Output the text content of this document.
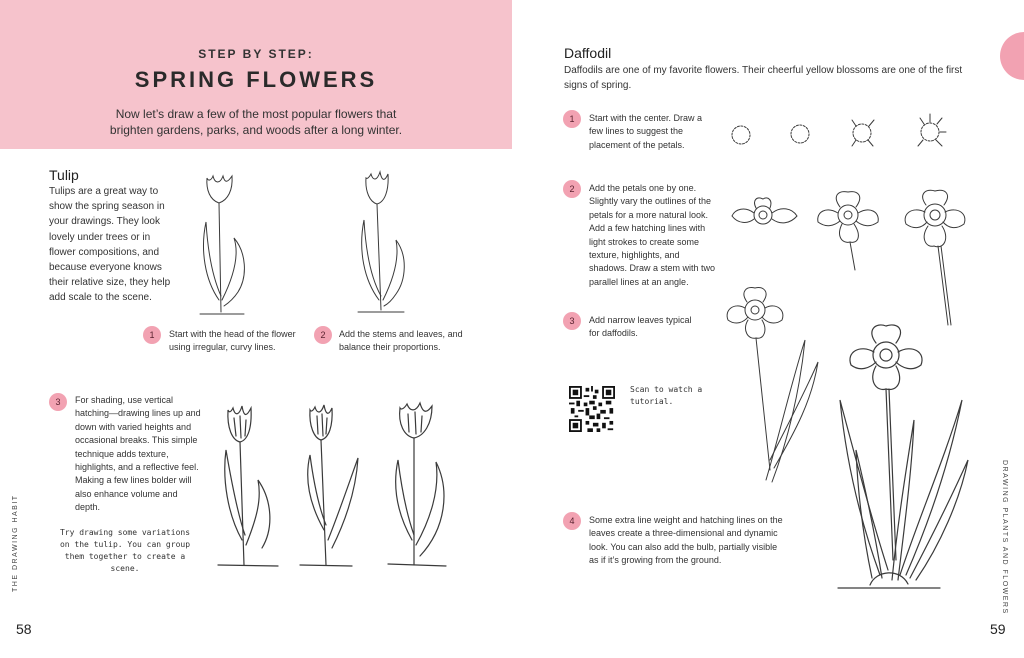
STEP BY STEP:
SPRING FLOWERS
Now let’s draw a few of the most popular flowers that brighten gardens, parks, and woods after a long winter.
Tulip
Tulips are a great way to show the spring season in your drawings. They look lovely under trees or in flower compositions, and because everyone knows their relative size, they help add scale to the scene.
1	Start with the head of the flower using irregular, curvy lines.
2	Add the stems and leaves, and balance their proportions.
3	For shading, use vertical hatching—drawing lines up and down with varied heights and occasional breaks. This simple technique adds texture, highlights, and a reflective feel. Making a few lines bolder will also enhance volume and depth.
Try drawing some variations on the tulip. You can group them together to create a scene.
THE DRAWING HABIT
58
Daffodil
Daffodils are one of my favorite flowers. Their cheerful yellow blossoms are one of the first signs of spring.
1	Start with the center. Draw a few lines to suggest the placement of the petals.
2	Add the petals one by one. Slightly vary the outlines of the petals for a more natural look. Add a few hatching lines with light strokes to create some texture, highlights, and shadows. Draw a stem with two parallel lines at an angle.
3	Add narrow leaves typical for daffodils.
Scan to watch a tutorial.
4	Some extra line weight and hatching lines on the leaves create a three-dimensional and dynamic look. You can also add the bulb, partially visible as if it’s growing from the ground.	DRAWING PLANTS AND FLOWERS
59
